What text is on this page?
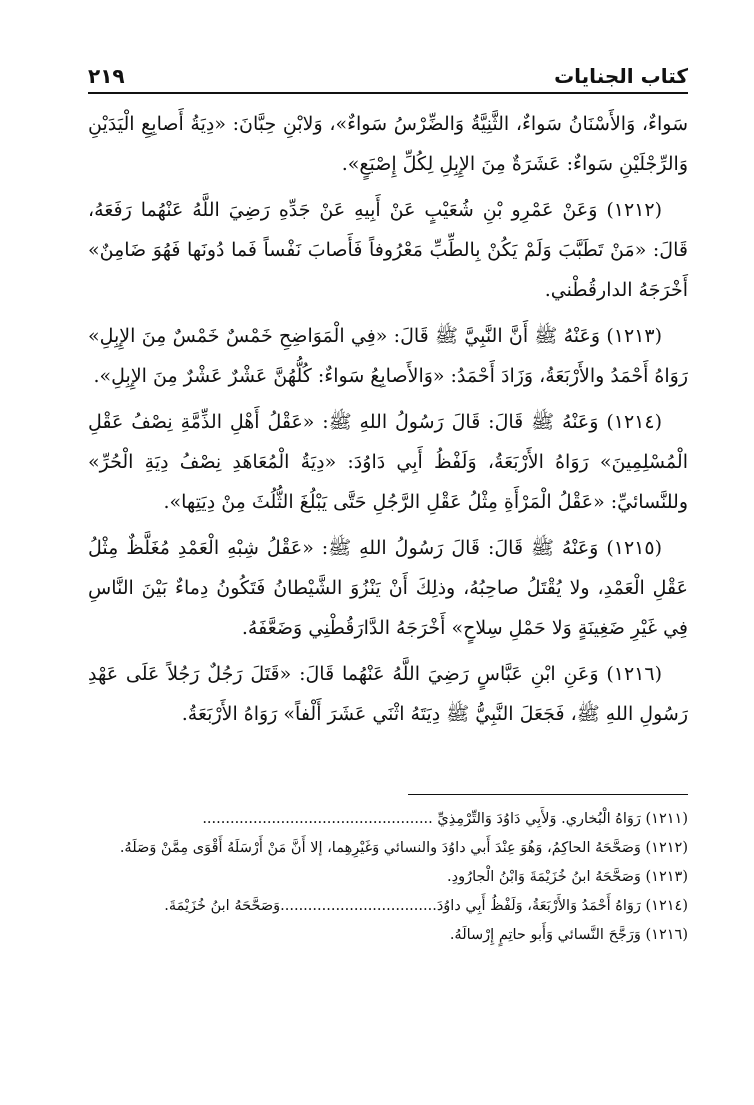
كتاب الجنايات
٢١٩

سَواءٌ، وَالأَسْنَانُ سَواءٌ، الثَّنِيَّةُ وَالضِّرْسُ سَواءٌ»، وَلابْنِ حِبَّانَ: «دِيَةُ أَصابِعِ الْيَدَيْنِ وَالرِّجْلَيْنِ سَواءٌ: عَشَرَةٌ مِنَ الإِبِلِ لِكُلِّ إِصْبَعٍ».

(١٢١٢) وَعَنْ عَمْرِو بْنِ شُعَيْبٍ عَنْ أَبِيهِ عَنْ جَدِّهِ رَضِيَ اللَّهُ عَنْهُما رَفَعَهُ، قَالَ: «مَنْ تَطَبَّبَ وَلَمْ يَكُنْ بِالطِّبِّ مَعْرُوفاً فَأَصابَ نَفْساً فَما دُونَها فَهُوَ ضَامِنٌ» أَخْرَجَهُ الدارقُطْني.

(١٢١٣) وَعَنْهُ ﷺ أَنَّ النَّبِيَّ ﷺ قَالَ: «فِي الْمَوَاضِحِ خَمْسٌ خَمْسٌ مِنَ الإِبِلِ» رَوَاهُ أَحْمَدُ والأَرْبَعَةُ، وَزَادَ أَحْمَدُ: «وَالأَصابِعُ سَواءٌ: كُلُّهُنَّ عَشْرٌ عَشْرٌ مِنَ الإِبِلِ».

(١٢١٤) وَعَنْهُ ﷺ قَالَ: قَالَ رَسُولُ اللهِ ﷺ: «عَقْلُ أَهْلِ الذِّمَّةِ نِصْفُ عَقْلِ الْمُسْلِمِينَ» رَوَاهُ الأَرْبَعَةُ، وَلَفْظُ أَبِي دَاوُدَ: «دِيَةُ الْمُعَاهَدِ نِصْفُ دِيَةِ الْحُرِّ» وللنَّسائيِّ: «عَقْلُ الْمَرْأَةِ مِثْلُ عَقْلِ الرَّجُلِ حَتَّى يَبْلُغَ الثُّلُثَ مِنْ دِيَتِها».

(١٢١٥) وَعَنْهُ ﷺ قَالَ: قَالَ رَسُولُ اللهِ ﷺ: «عَقْلُ شِبْهِ الْعَمْدِ مُغَلَّظٌ مِثْلُ عَقْلِ الْعَمْدِ، ولا يُقْتَلُ صاحِبُهُ، وذلِكَ أَنْ يَنْزُوَ الشَّيْطانُ فَتَكُونُ دِماءٌ بَيْنَ النَّاسِ فِي غَيْرِ ضَغِينَةٍ وَلا حَمْلِ سِلاحٍ» أَخْرَجَهُ الدَّارَقُطْنِي وَضَعَّفَهُ.

(١٢١٦) وَعَنِ ابْنِ عَبَّاسٍ رَضِيَ اللَّهُ عَنْهُما قَالَ: «قَتَلَ رَجُلٌ رَجُلاً عَلَى عَهْدِ رَسُولِ اللهِ ﷺ، فَجَعَلَ النَّبِيُّ ﷺ دِيَتَهُ اثْنَي عَشَرَ أَلْفاً» رَوَاهُ الأَرْبَعَةُ.

(١٢١١) رَوَاهُ الْبُخاري. وَلأَبِي دَاوُدَ وَالتِّرْمِذِيِّ ..................................................

(١٢١٢) وَصَحَّحَهُ الحاكِمُ، وَهُوَ عِنْدَ أَبي داوُدَ والنسائي وَغَيْرِهِما، إلا أَنَّ مَنْ أَرْسَلَهُ أَقْوَى مِمَّنْ وَصَلَهُ.

(١٢١٣) وَصَحَّحَهُ ابنُ خُزَيْمَةَ وَابْنُ الْجارُودِ.

(١٢١٤) رَوَاهُ أَحْمَدُ وَالأَرْبَعَةُ، وَلَفْظُ أَبِي داوُدَ..................................وَصَحَّحَهُ ابنُ خُزَيْمَةَ.

(١٢١٦) وَرَجَّحَ النَّسائي وَأَبو حاتِمٍ إِرْسالَهُ.
